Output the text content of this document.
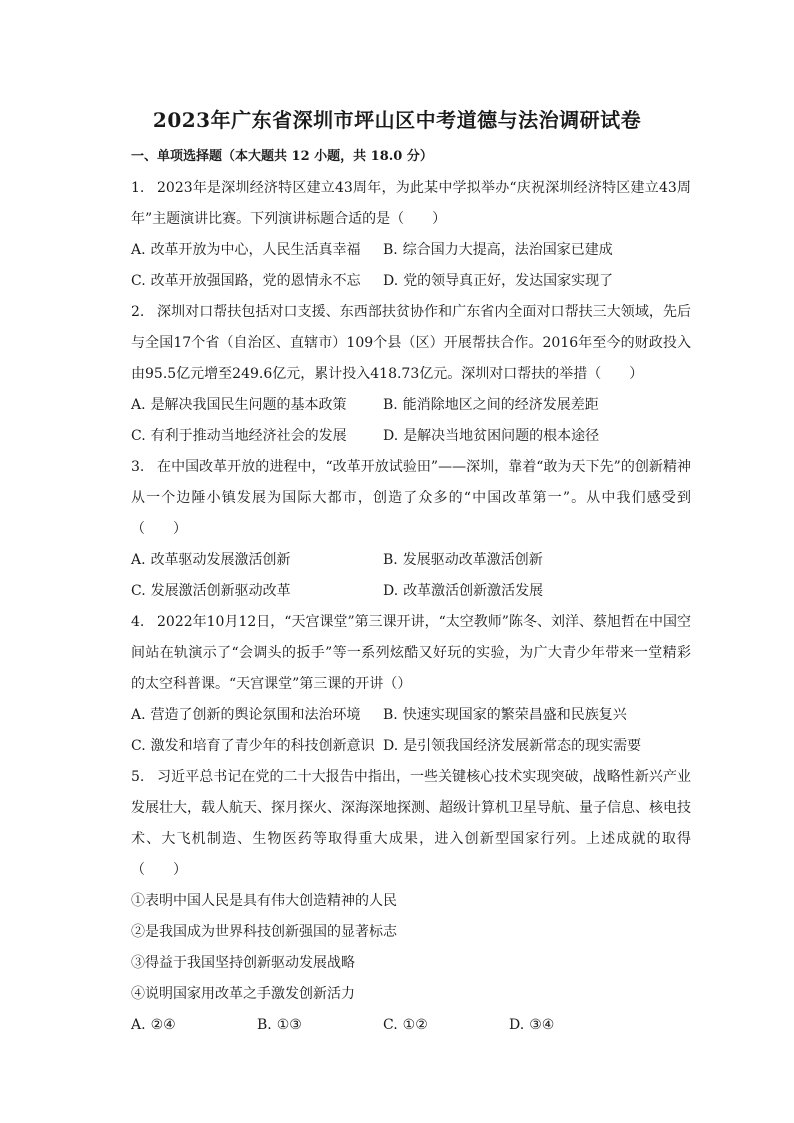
2023年广东省深圳市坪山区中考道德与法治调研试卷
一、单项选择题（本大题共 12 小题，共 18.0 分）

1. 2023年是深圳经济特区建立43周年，为此某中学拟举办“庆祝深圳经济特区建立43周年”主题演讲比赛。下列演讲标题合适的是（　　）

A. 改革开放为中心，人民生活真幸福	B. 综合国力大提高，法治国家已建成
C. 改革开放强国路，党的恩情永不忘	D. 党的领导真正好，发达国家实现了

2. 深圳对口帮扶包括对口支援、东西部扶贫协作和广东省内全面对口帮扶三大领域，先后与全国17个省（自治区、直辖市）109个县（区）开展帮扶合作。2016年至今的财政投入由95.5亿元增至249.6亿元，累计投入418.73亿元。深圳对口帮扶的举措（　　）

A. 是解决我国民生问题的基本政策	B. 能消除地区之间的经济发展差距
C. 有利于推动当地经济社会的发展	D. 是解决当地贫困问题的根本途径

3. 在中国改革开放的进程中，“改革开放试验田”——深圳，靠着“敢为天下先”的创新精神从一个边陲小镇发展为国际大都市，创造了众多的“中国改革第一”。从中我们感受到（　　）

A. 改革驱动发展激活创新	B. 发展驱动改革激活创新
C. 发展激活创新驱动改革	D. 改革激活创新激活发展

4. 2022年10月12日，“天宫课堂”第三课开讲，“太空教师”陈冬、刘洋、蔡旭哲在中国空间站在轨演示了“会调头的扳手”等一系列炫酷又好玩的实验，为广大青少年带来一堂精彩的太空科普课。“天宫课堂”第三课的开讲（）

A. 营造了创新的舆论氛围和法治环境	B. 快速实现国家的繁荣昌盛和民族复兴
C. 激发和培育了青少年的科技创新意识 D. 是引领我国经济发展新常态的现实需要

5. 习近平总书记在党的二十大报告中指出，一些关键核心技术实现突破，战略性新兴产业发展壮大，载人航天、探月探火、深海深地探测、超级计算机卫星导航、量子信息、核电技术、大飞机制造、生物医药等取得重大成果，进入创新型国家行列。上述成就的取得（　　）

①表明中国人民是具有伟大创造精神的人民
②是我国成为世界科技创新强国的显著标志
③得益于我国坚持创新驱动发展战略
④说明国家用改革之手激发创新活力
A. ②④	B. ①③	C. ①②	D. ③④
